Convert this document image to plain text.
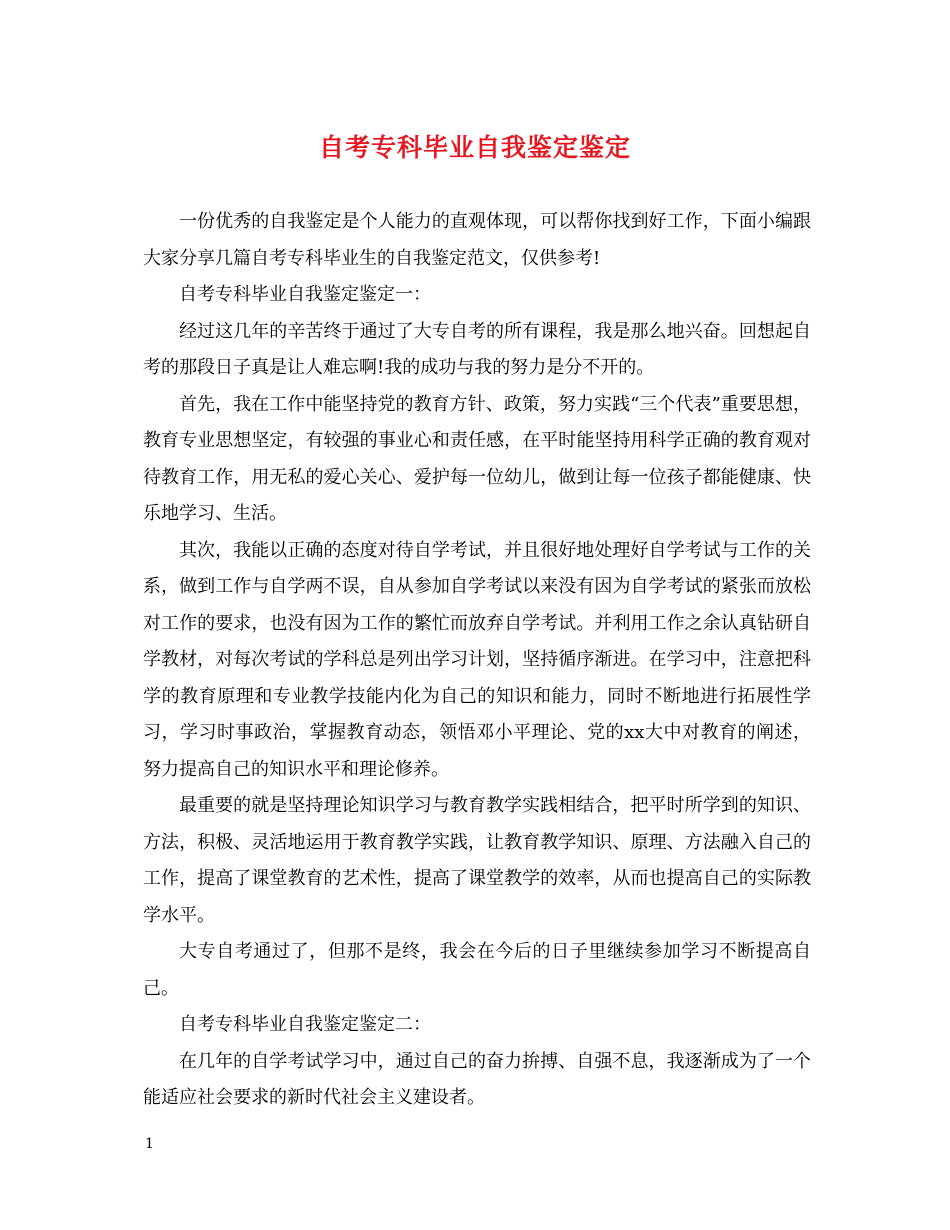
自考专科毕业自我鉴定鉴定

一份优秀的自我鉴定是个人能力的直观体现，可以帮你找到好工作，下面小编跟大家分享几篇自考专科毕业生的自我鉴定范文，仅供参考!

自考专科毕业自我鉴定鉴定一：

经过这几年的辛苦终于通过了大专自考的所有课程，我是那么地兴奋。回想起自考的那段日子真是让人难忘啊!我的成功与我的努力是分不开的。

首先，我在工作中能坚持党的教育方针、政策，努力实践“三个代表”重要思想，教育专业思想坚定，有较强的事业心和责任感，在平时能坚持用科学正确的教育观对待教育工作，用无私的爱心关心、爱护每一位幼儿，做到让每一位孩子都能健康、快乐地学习、生活。

其次，我能以正确的态度对待自学考试，并且很好地处理好自学考试与工作的关系，做到工作与自学两不误，自从参加自学考试以来没有因为自学考试的紧张而放松对工作的要求，也没有因为工作的繁忙而放弃自学考试。并利用工作之余认真钻研自学教材，对每次考试的学科总是列出学习计划，坚持循序渐进。在学习中，注意把科学的教育原理和专业教学技能内化为自己的知识和能力，同时不断地进行拓展性学习，学习时事政治，掌握教育动态，领悟邓小平理论、党的xx大中对教育的阐述，努力提高自己的知识水平和理论修养。

最重要的就是坚持理论知识学习与教育教学实践相结合，把平时所学到的知识、方法，积极、灵活地运用于教育教学实践，让教育教学知识、原理、方法融入自己的工作，提高了课堂教育的艺术性，提高了课堂教学的效率，从而也提高自己的实际教学水平。

大专自考通过了，但那不是终，我会在今后的日子里继续参加学习不断提高自己。

自考专科毕业自我鉴定鉴定二：

在几年的自学考试学习中，通过自己的奋力拚搏、自强不息，我逐渐成为了一个能适应社会要求的新时代社会主义建设者。

1
